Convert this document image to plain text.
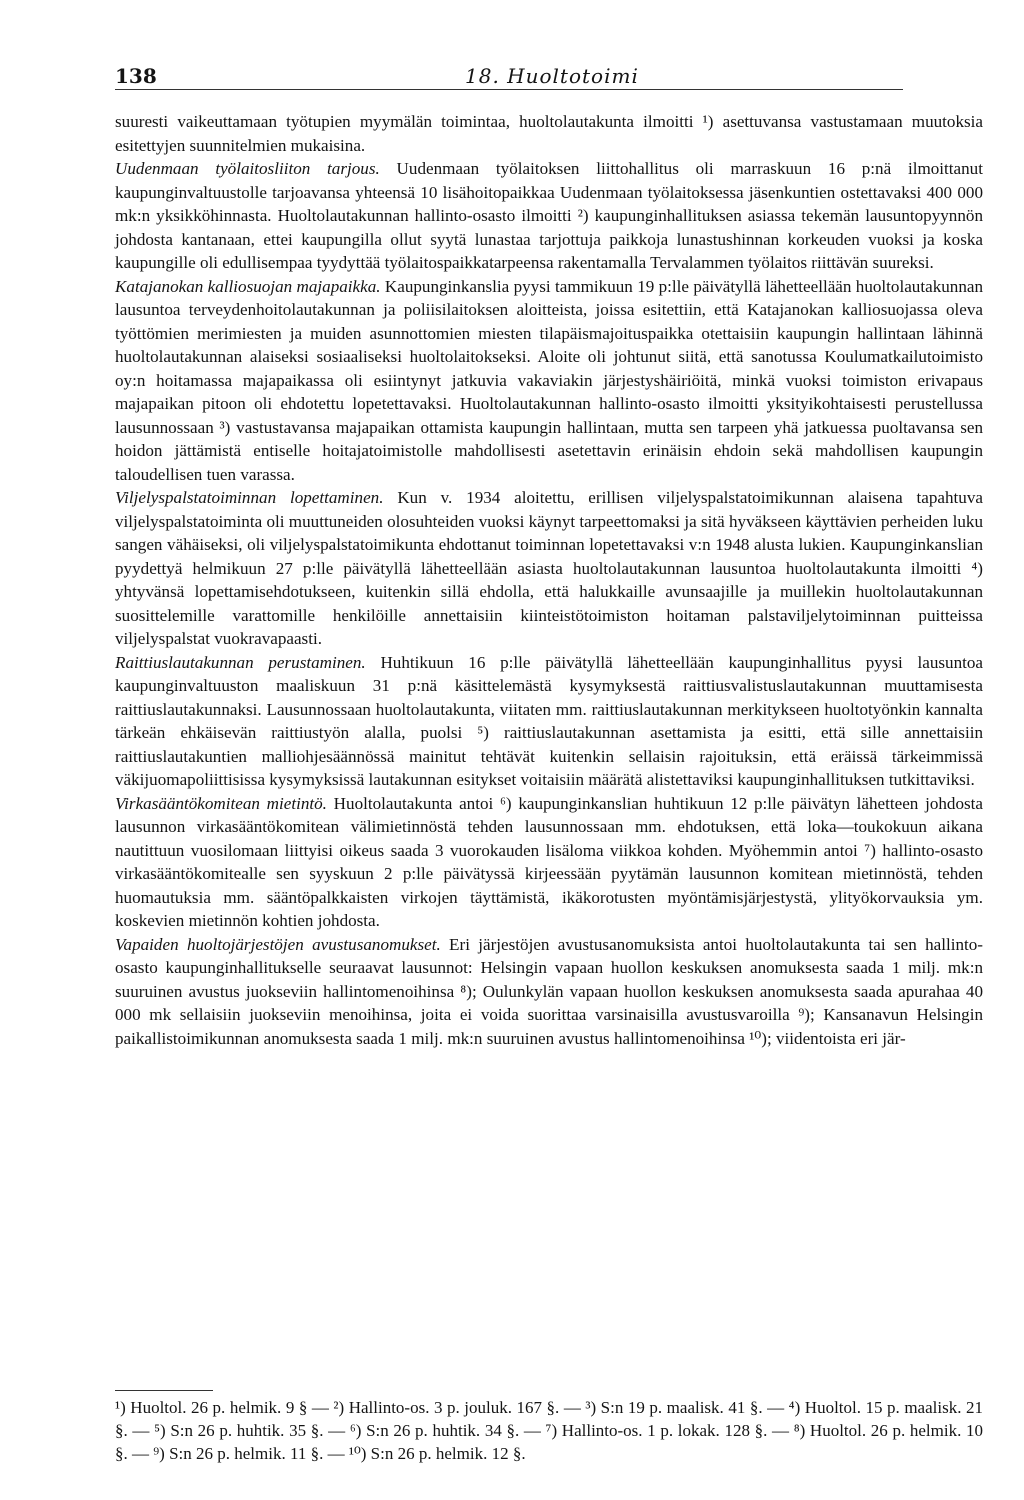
138	18. Huoltotoimi

suuresti vaikeuttamaan työtupien myymälän toimintaa, huoltolautakunta ilmoitti ¹) asettuvansa vastustamaan muutoksia esitettyjen suunnitelmien mukaisina.

Uudenmaan työlaitosliiton tarjous. Uudenmaan työlaitoksen liittohallitus oli marraskuun 16 p:nä ilmoittanut kaupunginvaltuustolle tarjoavansa yhteensä 10 lisähoitopaikkaa Uudenmaan työlaitoksessa jäsenkuntien ostettavaksi 400 000 mk:n yksikköhinnasta. Huoltolautakunnan hallinto-osasto ilmoitti ²) kaupunginhallituksen asiassa tekemän lausuntopyynnön johdosta kantanaan, ettei kaupungilla ollut syytä lunastaa tarjottuja paikkoja lunastushinnan korkeuden vuoksi ja koska kaupungille oli edullisempaa tyydyttää työlaitospaikkatarpeensa rakentamalla Tervalammen työlaitos riittävän suureksi.

Katajanokan kalliosuojan majapaikka. Kaupunginkanslia pyysi tammikuun 19 p:lle päivätyllä lähetteellään huoltolautakunnan lausuntoa terveydenhoitolautakunnan ja poliisilaitoksen aloitteista, joissa esitettiin, että Katajanokan kalliosuojassa oleva työttömien merimiesten ja muiden asunnottomien miesten tilapäismajoituspaikka otettaisiin kaupungin hallintaan lähinnä huoltolautakunnan alaiseksi sosiaaliseksi huoltolaitokseksi. Aloite oli johtunut siitä, että sanotussa Koulumatkailutoimisto oy:n hoitamassa majapaikassa oli esiintynyt jatkuvia vakaviakin järjestyshäiriöitä, minkä vuoksi toimiston erivapaus majapaikan pitoon oli ehdotettu lopetettavaksi. Huoltolautakunnan hallinto-osasto ilmoitti yksityikohtaisesti perustellussa lausunnossaan ³) vastustavansa majapaikan ottamista kaupungin hallintaan, mutta sen tarpeen yhä jatkuessa puoltavansa sen hoidon jättämistä entiselle hoitajatoimistolle mahdollisesti asetettavin erinäisin ehdoin sekä mahdollisen kaupungin taloudellisen tuen varassa.

Viljelyspalstatoiminnan lopettaminen. Kun v. 1934 aloitettu, erillisen viljelyspalstatoimikunnan alaisena tapahtuva viljelyspalstatoiminta oli muuttuneiden olosuhteiden vuoksi käynyt tarpeettomaksi ja sitä hyväkseen käyttävien perheiden luku sangen vähäiseksi, oli viljelyspalstatoimikunta ehdottanut toiminnan lopetettavaksi v:n 1948 alusta lukien. Kaupunginkanslian pyydettyä helmikuun 27 p:lle päivätyllä lähetteellään asiasta huoltolautakunnan lausuntoa huoltolautakunta ilmoitti ⁴) yhtyvänsä lopettamisehdotukseen, kuitenkin sillä ehdolla, että halukkaille avunsaajille ja muillekin huoltolautakunnan suosittelemille varattomille henkilöille annettaisiin kiinteistötoimiston hoitaman palstaviljelytoiminnan puitteissa viljelyspalstat vuokravapaasti.

Raittiuslautakunnan perustaminen. Huhtikuun 16 p:lle päivätyllä lähetteellään kaupunginhallitus pyysi lausuntoa kaupunginvaltuuston maaliskuun 31 p:nä käsittelemästä kysymyksestä raittiusvalistuslautakunnan muuttamisesta raittiuslautakunnaksi. Lausunnossaan huoltolautakunta, viitaten mm. raittiuslautakunnan merkitykseen huoltotyönkin kannalta tärkeän ehkäisevän raittiustyön alalla, puolsi ⁵) raittiuslautakunnan asettamista ja esitti, että sille annettaisiin raittiuslautakuntien malliohjesäännössä mainitut tehtävät kuitenkin sellaisin rajoituksin, että eräissä tärkeimmissä väkijuomapoliittisissa kysymyksissä lautakunnan esitykset voitaisiin määrätä alistettaviksi kaupunginhallituksen tutkittaviksi.

Virkasääntökomitean mietintö. Huoltolautakunta antoi ⁶) kaupunginkanslian huhtikuun 12 p:lle päivätyn lähetteen johdosta lausunnon virkasääntökomitean välimietinnöstä tehden lausunnossaan mm. ehdotuksen, että loka—toukokuun aikana nautittuun vuosilomaan liittyisi oikeus saada 3 vuorokauden lisäloma viikkoa kohden. Myöhemmin antoi ⁷) hallinto-osasto virkasääntökomitealle sen syyskuun 2 p:lle päivätyssä kirjeessään pyytämän lausunnon komitean mietinnöstä, tehden huomautuksia mm. sääntöpalkkaisten virkojen täyttämistä, ikäkorotusten myöntämisjärjestystä, ylityökorvauksia ym. koskevien mietinnön kohtien johdosta.

Vapaiden huoltojärjestöjen avustusanomukset. Eri järjestöjen avustusanomuksista antoi huoltolautakunta tai sen hallinto-osasto kaupunginhallitukselle seuraavat lausunnot: Helsingin vapaan huollon keskuksen anomuksesta saada 1 milj. mk:n suuruinen avustus juokseviin hallintomenoihinsa ⁸); Oulunkylän vapaan huollon keskuksen anomuksesta saada apurahaa 40 000 mk sellaisiin juokseviin menoihinsa, joita ei voida suorittaa varsinaisilla avustusvaroilla ⁹); Kansanavun Helsingin paikallistoimikunnan anomuksesta saada 1 milj. mk:n suuruinen avustus hallintomenoihinsa ¹⁰); viidentoista eri jär-

¹) Huoltol. 26 p. helmik. 9 § — ²) Hallinto-os. 3 p. jouluk. 167 §. — ³) S:n 19 p. maalisk. 41 §. — ⁴) Huoltol. 15 p. maalisk. 21 §. — ⁵) S:n 26 p. huhtik. 35 §. — ⁶) S:n 26 p. huhtik. 34 §. — ⁷) Hallinto-os. 1 p. lokak. 128 §. — ⁸) Huoltol. 26 p. helmik. 10 §. — ⁹) S:n 26 p. helmik. 11 §. — ¹⁰) S:n 26 p. helmik. 12 §.
